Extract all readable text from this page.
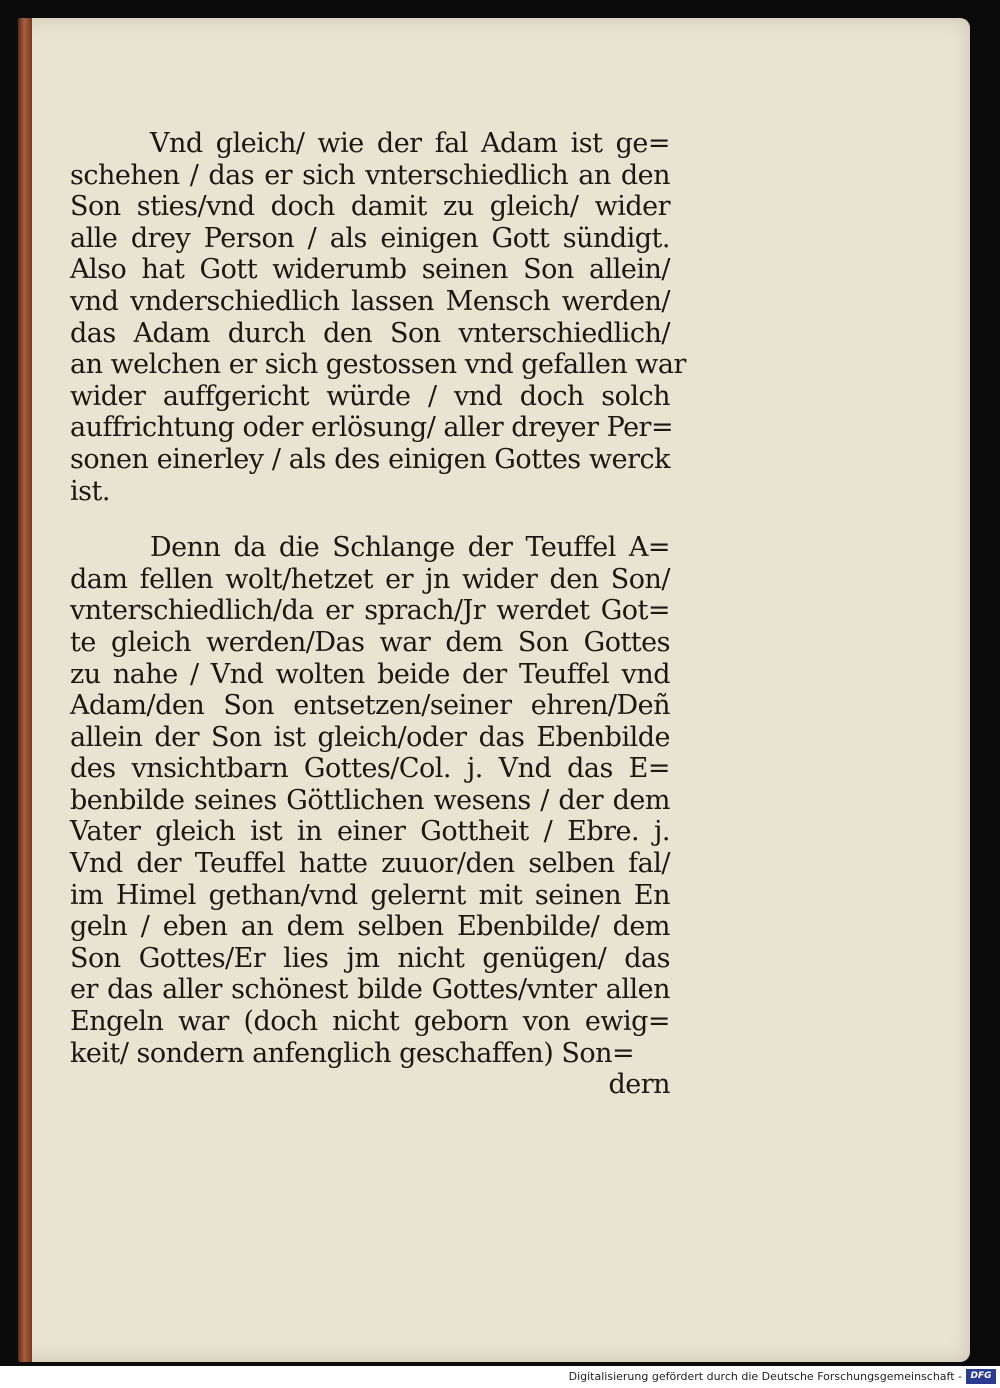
Vnd gleich/ wie der fal Adam ist ge=
schehen / das er sich vnterschiedlich an den
Son sties/vnd doch damit zu gleich/ wider
alle drey Person / als einigen Gott sündigt.
Also hat Gott widerumb seinen Son allein/
vnd vnderschiedlich lassen Mensch werden/
das Adam durch den Son vnterschiedlich/
an welchen er sich gestossen vnd gefallen war
wider auffgericht würde / vnd doch solch
auffrichtung oder erlösung/ aller dreyer Per=
sonen einerley / als des einigen Gottes werck
ist.
Denn da die Schlange der Teuffel A=
dam fellen wolt/hetzet er jn wider den Son/
vnterschiedlich/da er sprach/Jr werdet Got=
te gleich werden/Das war dem Son Gottes
zu nahe / Vnd wolten beide der Teuffel vnd
Adam/den Son entsetzen/seiner ehren/Deñ
allein der Son ist gleich/oder das Ebenbilde
des vnsichtbarn Gottes/Col. j. Vnd das E=
benbilde seines Göttlichen wesens / der dem
Vater gleich ist in einer Gottheit / Ebre. j.
Vnd der Teuffel hatte zuuor/den selben fal/
im Himel gethan/vnd gelernt mit seinen En
geln / eben an dem selben Ebenbilde/ dem
Son Gottes/Er lies jm nicht genügen/ das
er das aller schönest bilde Gottes/vnter allen
Engeln war (doch nicht geborn von ewig=
keit/ sondern anfenglich geschaffen) Son=
dern
Digitalisierung gefördert durch die Deutsche Forschungsgemeinschaft - DFG
